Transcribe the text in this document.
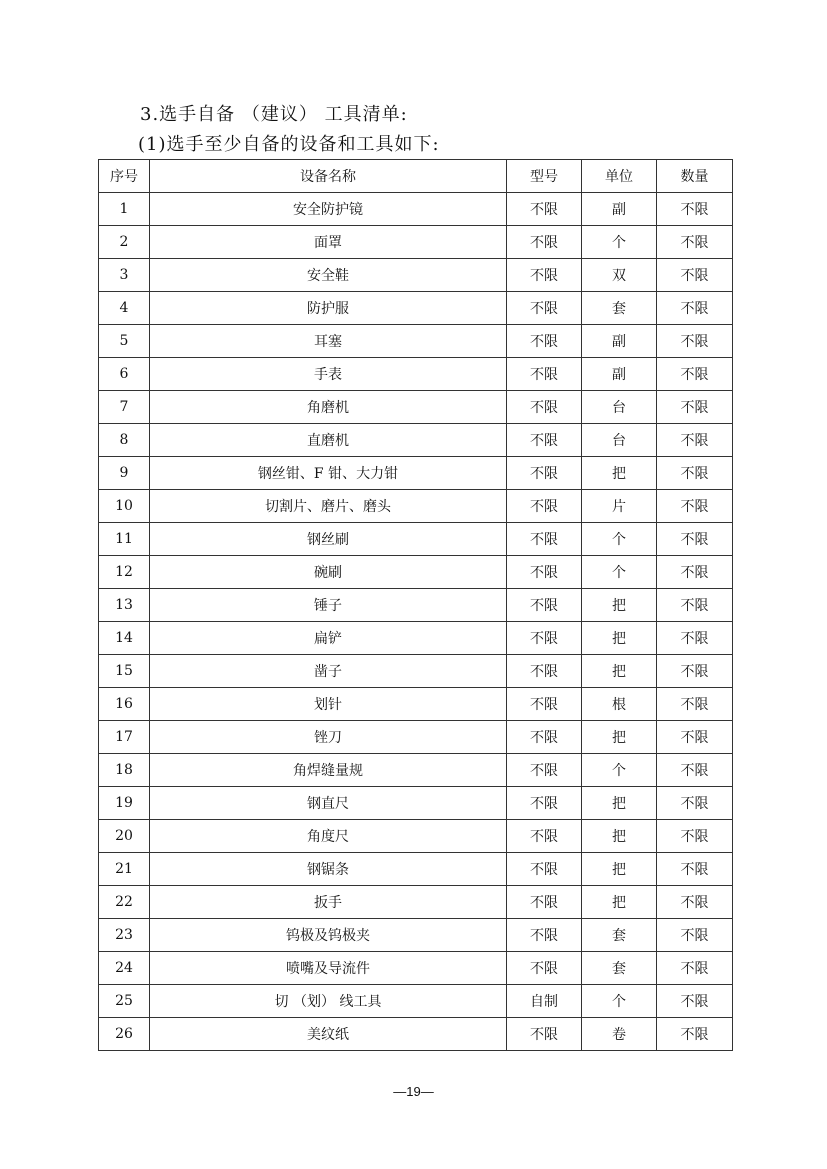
3.选手自备 （建议） 工具清单:
(1)选手至少自备的设备和工具如下:
序号	设备名称	型号	单位	数量
1	安全防护镜	不限	副	不限
2	面罩	不限	个	不限
3	安全鞋	不限	双	不限
4	防护服	不限	套	不限
5	耳塞	不限	副	不限
6	手表	不限	副	不限
7	角磨机	不限	台	不限
8	直磨机	不限	台	不限
9	钢丝钳、F 钳、大力钳	不限	把	不限
10	切割片、磨片、磨头	不限	片	不限
11	钢丝刷	不限	个	不限
12	碗刷	不限	个	不限
13	锤子	不限	把	不限
14	扁铲	不限	把	不限
15	凿子	不限	把	不限
16	划针	不限	根	不限
17	锉刀	不限	把	不限
18	角焊缝量规	不限	个	不限
19	钢直尺	不限	把	不限
20	角度尺	不限	把	不限
21	钢锯条	不限	把	不限
22	扳手	不限	把	不限
23	钨极及钨极夹	不限	套	不限
24	喷嘴及导流件	不限	套	不限
25	切 （划） 线工具	自制	个	不限
26	美纹纸	不限	卷	不限
—19—
